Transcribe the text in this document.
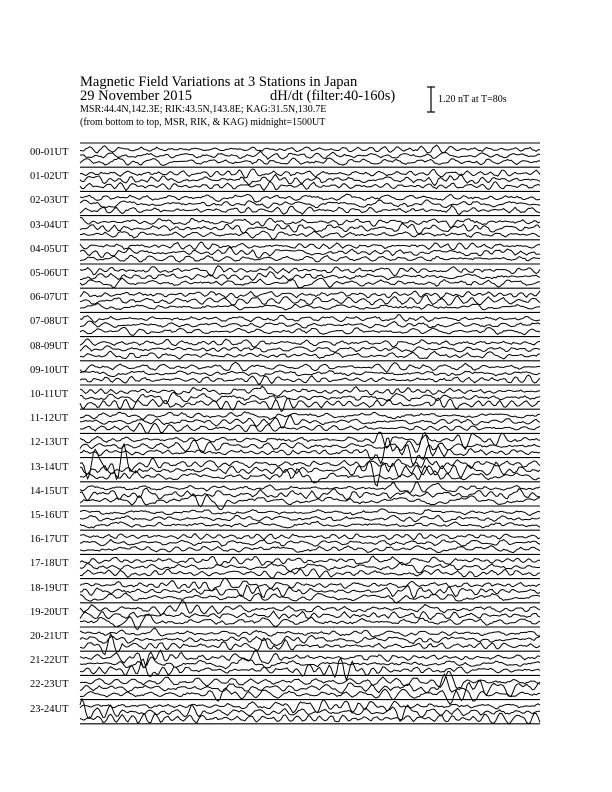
Magnetic Field Variations at 3 Stations in Japan
29 November 2015	dH/dt (filter:40-160s)
MSR:44.4N,142.3E; RIK:43.5N,143.8E; KAG:31.5N,130.7E
(from bottom to top, MSR, RIK, & KAG) midnight=1500UT
1.20 nT at T=80s
00-01UT
01-02UT
02-03UT
03-04UT
04-05UT
05-06UT
06-07UT
07-08UT
08-09UT
09-10UT
10-11UT
11-12UT
12-13UT
13-14UT
14-15UT
15-16UT
16-17UT
17-18UT
18-19UT
19-20UT
20-21UT
21-22UT
22-23UT
23-24UT
